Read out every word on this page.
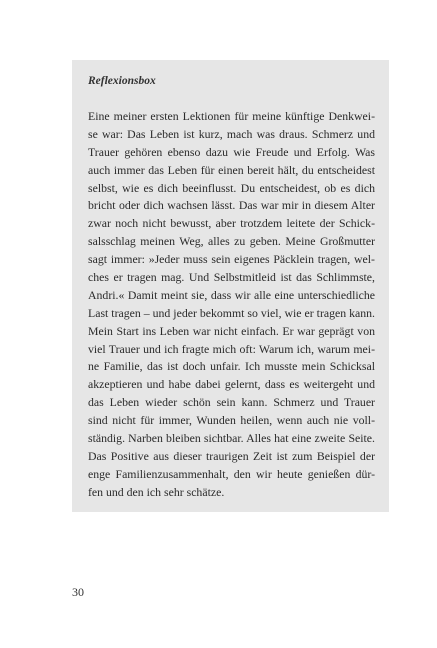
Reflexionsbox
Eine meiner ersten Lektionen für meine künftige Denkwei-
se war: Das Leben ist kurz, mach was draus. Schmerz und
Trauer gehören ebenso dazu wie Freude und Erfolg. Was
auch immer das Leben für einen bereit hält, du entscheidest
selbst, wie es dich beeinflusst. Du entscheidest, ob es dich
bricht oder dich wachsen lässt. Das war mir in diesem Alter
zwar noch nicht bewusst, aber trotzdem leitete der Schick-
salsschlag meinen Weg, alles zu geben. Meine Großmutter
sagt immer: »Jeder muss sein eigenes Päcklein tragen, wel-
ches er tragen mag. Und Selbstmitleid ist das Schlimmste,
Andri.« Damit meint sie, dass wir alle eine unterschiedliche
Last tragen – und jeder bekommt so viel, wie er tragen kann.
Mein Start ins Leben war nicht einfach. Er war geprägt von
viel Trauer und ich fragte mich oft: Warum ich, warum mei-
ne Familie, das ist doch unfair. Ich musste mein Schicksal
akzeptieren und habe dabei gelernt, dass es weitergeht und
das Leben wieder schön sein kann. Schmerz und Trauer
sind nicht für immer, Wunden heilen, wenn auch nie voll-
ständig. Narben bleiben sichtbar. Alles hat eine zweite Seite.
Das Positive aus dieser traurigen Zeit ist zum Beispiel der
enge Familienzusammenhalt, den wir heute genießen dür-
fen und den ich sehr schätze.
30
